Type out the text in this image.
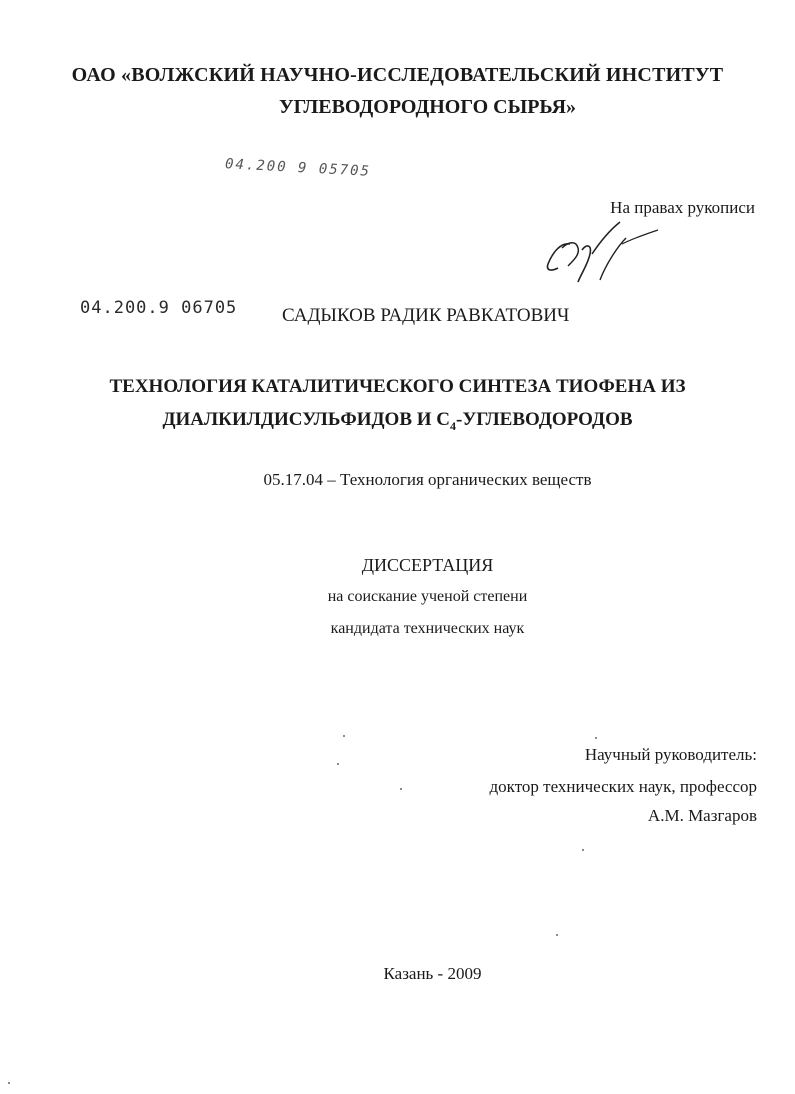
ОАО «ВОЛЖСКИЙ НАУЧНО-ИССЛЕДОВАТЕЛЬСКИЙ ИНСТИТУТ
УГЛЕВОДОРОДНОГО СЫРЬЯ»
04.200 9 05705
04.200.9 06705
На правах рукописи
САДЫКОВ РАДИК РАВКАТОВИЧ
ТЕХНОЛОГИЯ КАТАЛИТИЧЕСКОГО СИНТЕЗА ТИОФЕНА ИЗ
ДИАЛКИЛДИСУЛЬФИДОВ И $С_4$-УГЛЕВОДОРОДОВ
05.17.04 – Технология органических веществ
ДИССЕРТАЦИЯ
на соискание ученой степени
кандидата технических наук
Научный руководитель:
доктор технических наук, профессор
А.М. Мазгаров
Казань - 2009
